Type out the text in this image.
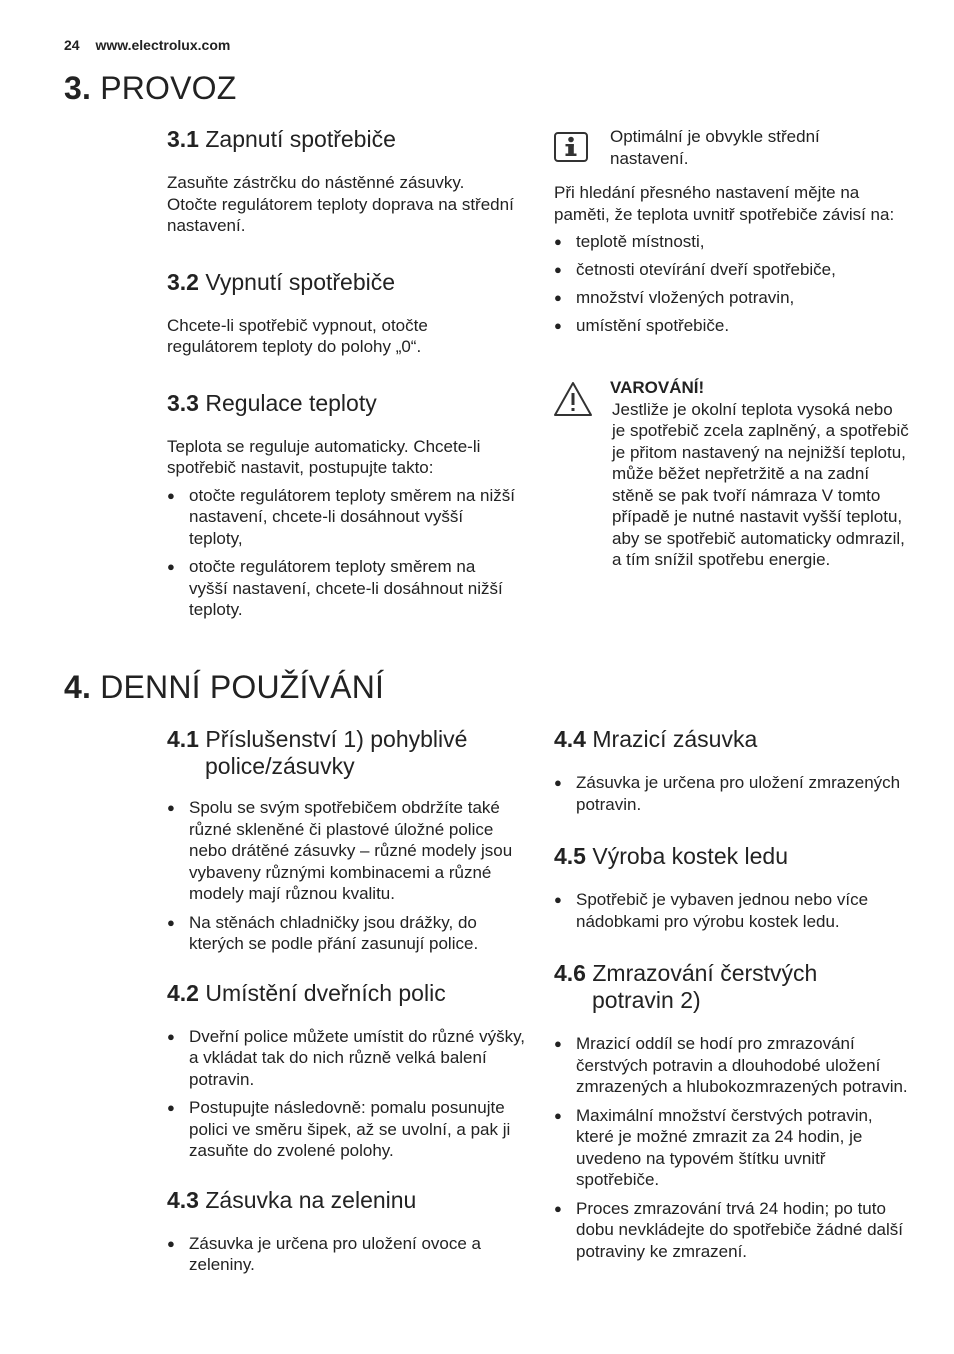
24 www.electrolux.com
3. PROVOZ
3.1 Zapnutí spotřebiče

Zasuňte zástrčku do nástěnné zásuvky. Otočte regulátorem teploty doprava na střední nastavení.

3.2 Vypnutí spotřebiče

Chcete-li spotřebič vypnout, otočte regulátorem teploty do polohy „0“.

3.3 Regulace teploty

Teplota se reguluje automaticky. Chcete-li spotřebič nastavit, postupujte takto:

● otočte regulátorem teploty směrem na nižší nastavení, chcete-li dosáhnout vyšší teploty,
● otočte regulátorem teploty směrem na vyšší nastavení, chcete-li dosáhnout nižší teploty.

Optimální je obvykle střední nastavení.

Při hledání přesného nastavení mějte na paměti, že teplota uvnitř spotřebiče závisí na:

● teplotě místnosti,
● četnosti otevírání dveří spotřebiče,
● množství vložených potravin,
● umístění spotřebiče.

VAROVÁNÍ!

Jestliže je okolní teplota vysoká nebo je spotřebič zcela zaplněný, a spotřebič je přitom nastavený na nejnižší teplotu, může běžet nepřetržitě a na zadní stěně se pak tvoří námraza V tomto případě je nutné nastavit vyšší teplotu, aby se spotřebič automaticky odmrazil, a tím snížil spotřebu energie.

4. DENNÍ POUŽÍVÁNÍ
4.1 Příslušenství 1) pohyblivé
police/zásuvky
● Spolu se svým spotřebičem obdržíte také různé skleněné či plastové úložné police nebo drátěné zásuvky – různé modely jsou vybaveny různými kombinacemi a různé modely mají různou kvalitu.
● Na stěnách chladničky jsou drážky, do kterých se podle přání zasunují police.
4.2 Umístění dveřních polic
● Dveřní police můžete umístit do různé výšky, a vkládat tak do nich různě velká balení potravin.
● Postupujte následovně: pomalu posunujte polici ve směru šipek, až se uvolní, a pak ji zasuňte do zvolené polohy.
4.3 Zásuvka na zeleninu
● Zásuvka je určena pro uložení ovoce a zeleniny.
4.4 Mrazicí zásuvka
● Zásuvka je určena pro uložení zmrazených potravin.
4.5 Výroba kostek ledu
● Spotřebič je vybaven jednou nebo více nádobkami pro výrobu kostek ledu.
4.6 Zmrazování čerstvých
potravin 2)
● Mrazicí oddíl se hodí pro zmrazování čerstvých potravin a dlouhodobé uložení zmrazených a hlubokozmrazených potravin.
● Maximální množství čerstvých potravin, které je možné zmrazit za 24 hodin, je uvedeno na typovém štítku uvnitř spotřebiče.
● Proces zmrazování trvá 24 hodin; po tuto dobu nevkládejte do spotřebiče žádné další potraviny ke zmrazení.
